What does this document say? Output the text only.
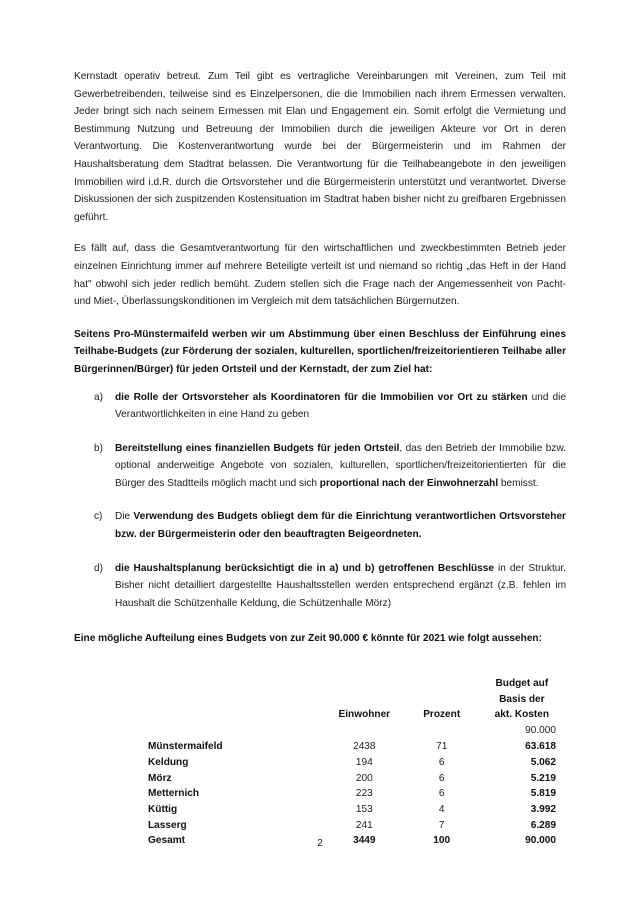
Kernstadt operativ betreut. Zum Teil gibt es vertragliche Vereinbarungen mit Vereinen, zum Teil mit Gewerbetreibenden, teilweise sind es Einzelpersonen, die die Immobilien nach ihrem Ermessen verwalten. Jeder bringt sich nach seinem Ermessen mit Elan und Engagement ein. Somit erfolgt die Vermietung und Bestimmung Nutzung und Betreuung der Immobilien durch die jeweiligen Akteure vor Ort in deren Verantwortung. Die Kostenverantwortung wurde bei der Bürgermeisterin und im Rahmen der Haushaltsberatung dem Stadtrat belassen. Die Verantwortung für die Teilhabeangebote in den jeweiligen Immobilien wird i.d.R. durch die Ortsvorsteher und die Bürgermeisterin unterstützt und verantwortet. Diverse Diskussionen der sich zuspitzenden Kostensituation im Stadtrat haben bisher nicht zu greifbaren Ergebnissen geführt.

Es fällt auf, dass die Gesamtverantwortung für den wirtschaftlichen und zweckbestimmten Betrieb jeder einzelnen Einrichtung immer auf mehrere Beteiligte verteilt ist und niemand so richtig „das Heft in der Hand hat" obwohl sich jeder redlich bemüht. Zudem stellen sich die Frage nach der Angemessenheit von Pacht- und Miet-, Überlassungskonditionen im Vergleich mit dem tatsächlichen Bürgernutzen.

Seitens Pro-Münstermaifeld werben wir um Abstimmung über einen Beschluss der Einführung eines Teilhabe-Budgets (zur Förderung der sozialen, kulturellen, sportlichen/freizeitorientieren Teilhabe aller Bürgerinnen/Bürger) für jeden Ortsteil und der Kernstadt, der zum Ziel hat:

a) die Rolle der Ortsvorsteher als Koordinatoren für die Immobilien vor Ort zu stärken und die Verantwortlichkeiten in eine Hand zu geben
b) Bereitstellung eines finanziellen Budgets für jeden Ortsteil, das den Betrieb der Immobilie bzw. optional anderweitige Angebote von sozialen, kulturellen, sportlichen/freizeitorientierten für die Bürger des Stadtteils möglich macht und sich proportional nach der Einwohnerzahl bemisst.
c) Die Verwendung des Budgets obliegt dem für die Einrichtung verantwortlichen Ortsvorsteher bzw. der Bürgermeisterin oder den beauftragten Beigeordneten.
d) die Haushaltsplanung berücksichtigt die in a) und b) getroffenen Beschlüsse in der Struktur. Bisher nicht detailliert dargestellte Haushaltsstellen werden entsprechend ergänzt (z.B. fehlen im Haushalt die Schützenhalle Keldung, die Schützenhalle Mörz)

Eine mögliche Aufteilung eines Budgets von zur Zeit 90.000 € könnte für 2021 wie folgt aussehen:

			Budget auf

			Basis der

	Einwohner	Prozent	akt. Kosten
			90.000
Münstermaifeld	2438	71	63.618
Keldung	194	6	5.062
Mörz	200	6	5.219
Metternich	223	6	5.819
Küttig	153	4	3.992
Lasserg	241	7	6.289
Gesamt	3449	100	90.000
2
